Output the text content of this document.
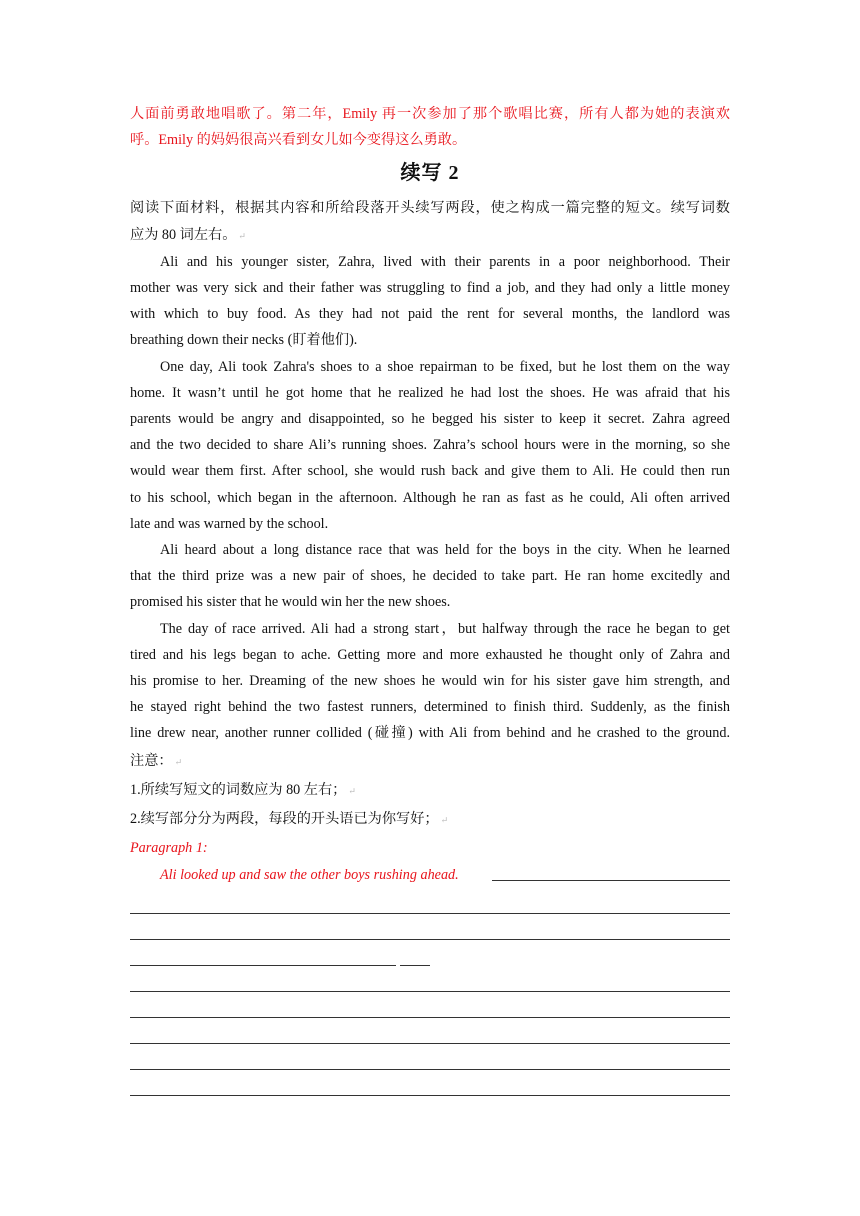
人面前勇敢地唱歌了。第二年，Emily 再一次参加了那个歌唱比赛，所有人都为她的表演欢
呼。Emily 的妈妈很高兴看到女儿如今变得这么勇敢。
续写 2
阅读下面材料，根据其内容和所给段落开头续写两段，使之构成一篇完整的短文。续写词数
应为 80 词左右。 ↵
Ali and his younger sister, Zahra, lived with their parents in a poor neighborhood. Their
mother was very sick and their father was struggling to find a job, and they had only a little money
with which to buy food. As they had not paid the rent for several months, the landlord was
breathing down their necks (盯着他们).
One day, Ali took Zahra's shoes to a shoe repairman to be fixed, but he lost them on the way
home. It wasn’t until he got home that he realized he had lost the shoes. He was afraid that his
parents would be angry and disappointed, so he begged his sister to keep it secret. Zahra agreed
and the two decided to share Ali’s running shoes. Zahra’s school hours were in the morning, so she
would wear them first. After school, she would rush back and give them to Ali. He could then run
to his school, which began in the afternoon. Although he ran as fast as he could, Ali often arrived
late and was warned by the school.
Ali heard about a long distance race that was held for the boys in the city. When he learned
that the third prize was a new pair of shoes, he decided to take part. He ran home excitedly and
promised his sister that he would win her the new shoes.
The day of race arrived. Ali had a strong start，but halfway through the race he began to get
tired and his legs began to ache. Getting more and more exhausted he thought only of Zahra and
his promise to her. Dreaming of the new shoes he would win for his sister gave him strength, and
he stayed right behind the two fastest runners, determined to finish third. Suddenly, as the finish
line drew near, another runner collided (碰撞) with Ali from behind and he crashed to the ground.
注意： ↵
1.所续写短文的词数应为 80 左右； ↵
2.续写部分分为两段，每段的开头语已为你写好； ↵
Paragraph 1:
Ali looked up and saw the other boys rushing ahead.
